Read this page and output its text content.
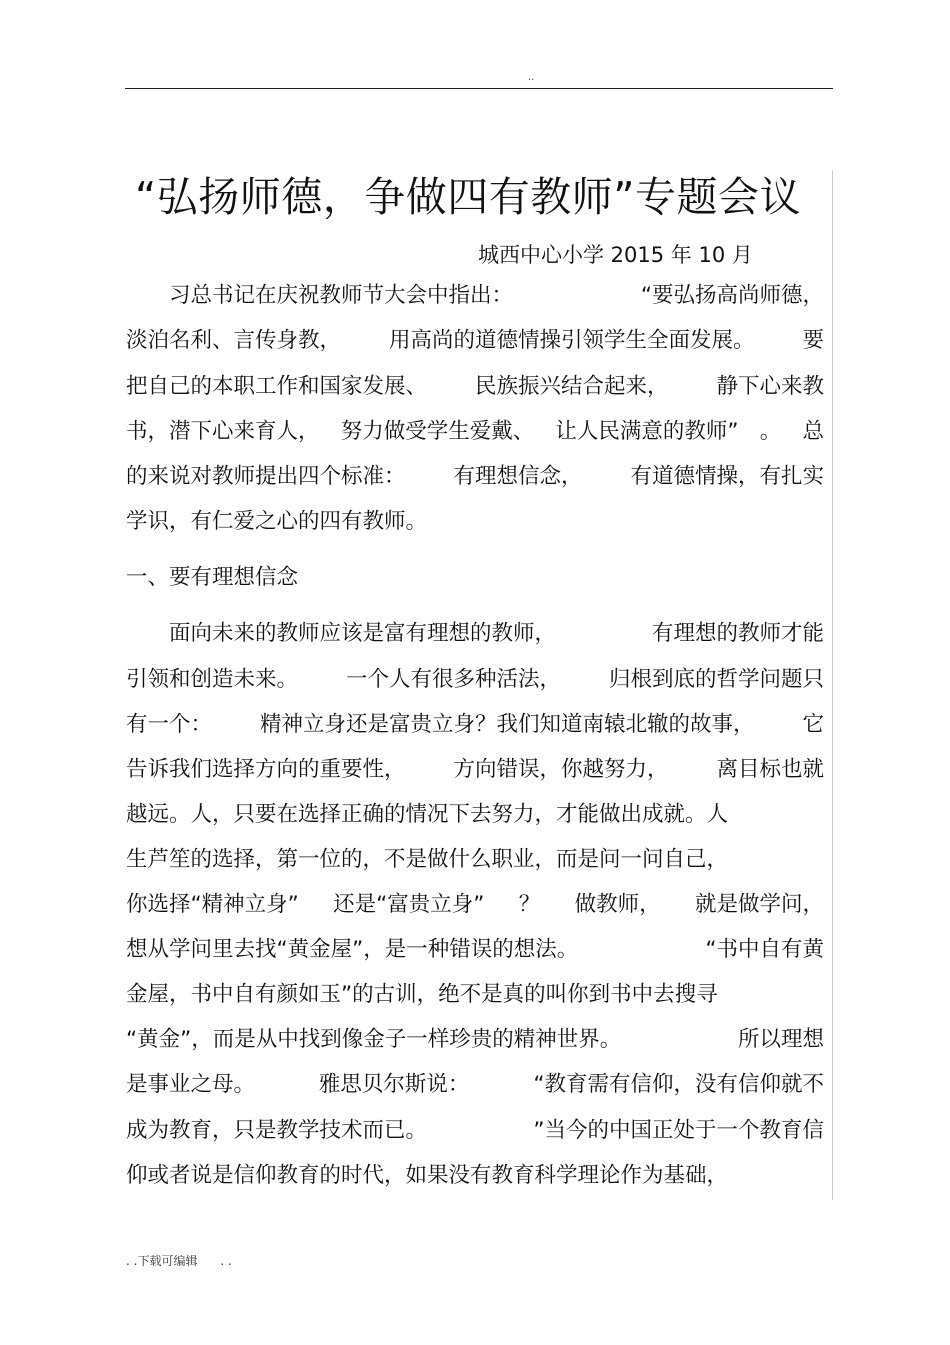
..
“弘扬师德，争做四有教师”专题会议
城西中心小学 2015 年 10 月
　　习总书记在庆祝教师节大会中指出：	“要弘扬高尚师德，
淡泊名利、言传身教， 用高尚的道德情操引领学生全面发展。 要
把自己的本职工作和国家发展、 民族振兴结合起来， 静下心来教
书，潜下心来育人， 努力做受学生爱戴、 让人民满意的教师” 。 总
的来说对教师提出四个标准： 有理想信念， 有道德情操，有扎实
学识，有仁爱之心的四有教师。
一、要有理想信念
　　面向未来的教师应该是富有理想的教师，	有理想的教师才能
引领和创造未来。 一个人有很多种活法， 归根到底的哲学问题只
有一个： 精神立身还是富贵立身？我们知道南辕北辙的故事， 它
告诉我们选择方向的重要性， 方向错误，你越努力， 离目标也就
越远。人，只要在选择正确的情况下去努力，才能做出成就。人
生芦笙的选择，第一位的，不是做什么职业，而是问一问自己，
你选择“精神立身” 还是“富贵立身” ？ 做教师， 就是做学问，
想从学问里去找“黄金屋”，是一种错误的想法。	“书中自有黄
金屋，书中自有颜如玉”的古训，绝不是真的叫你到书中去搜寻
“黄金”，而是从中找到像金子一样珍贵的精神世界。	所以理想
是事业之母。	雅思贝尔斯说：	“教育需有信仰，没有信仰就不
成为教育，只是教学技术而已。	”当今的中国正处于一个教育信
仰或者说是信仰教育的时代，如果没有教育科学理论作为基础，
. .下载可编辑      . .
